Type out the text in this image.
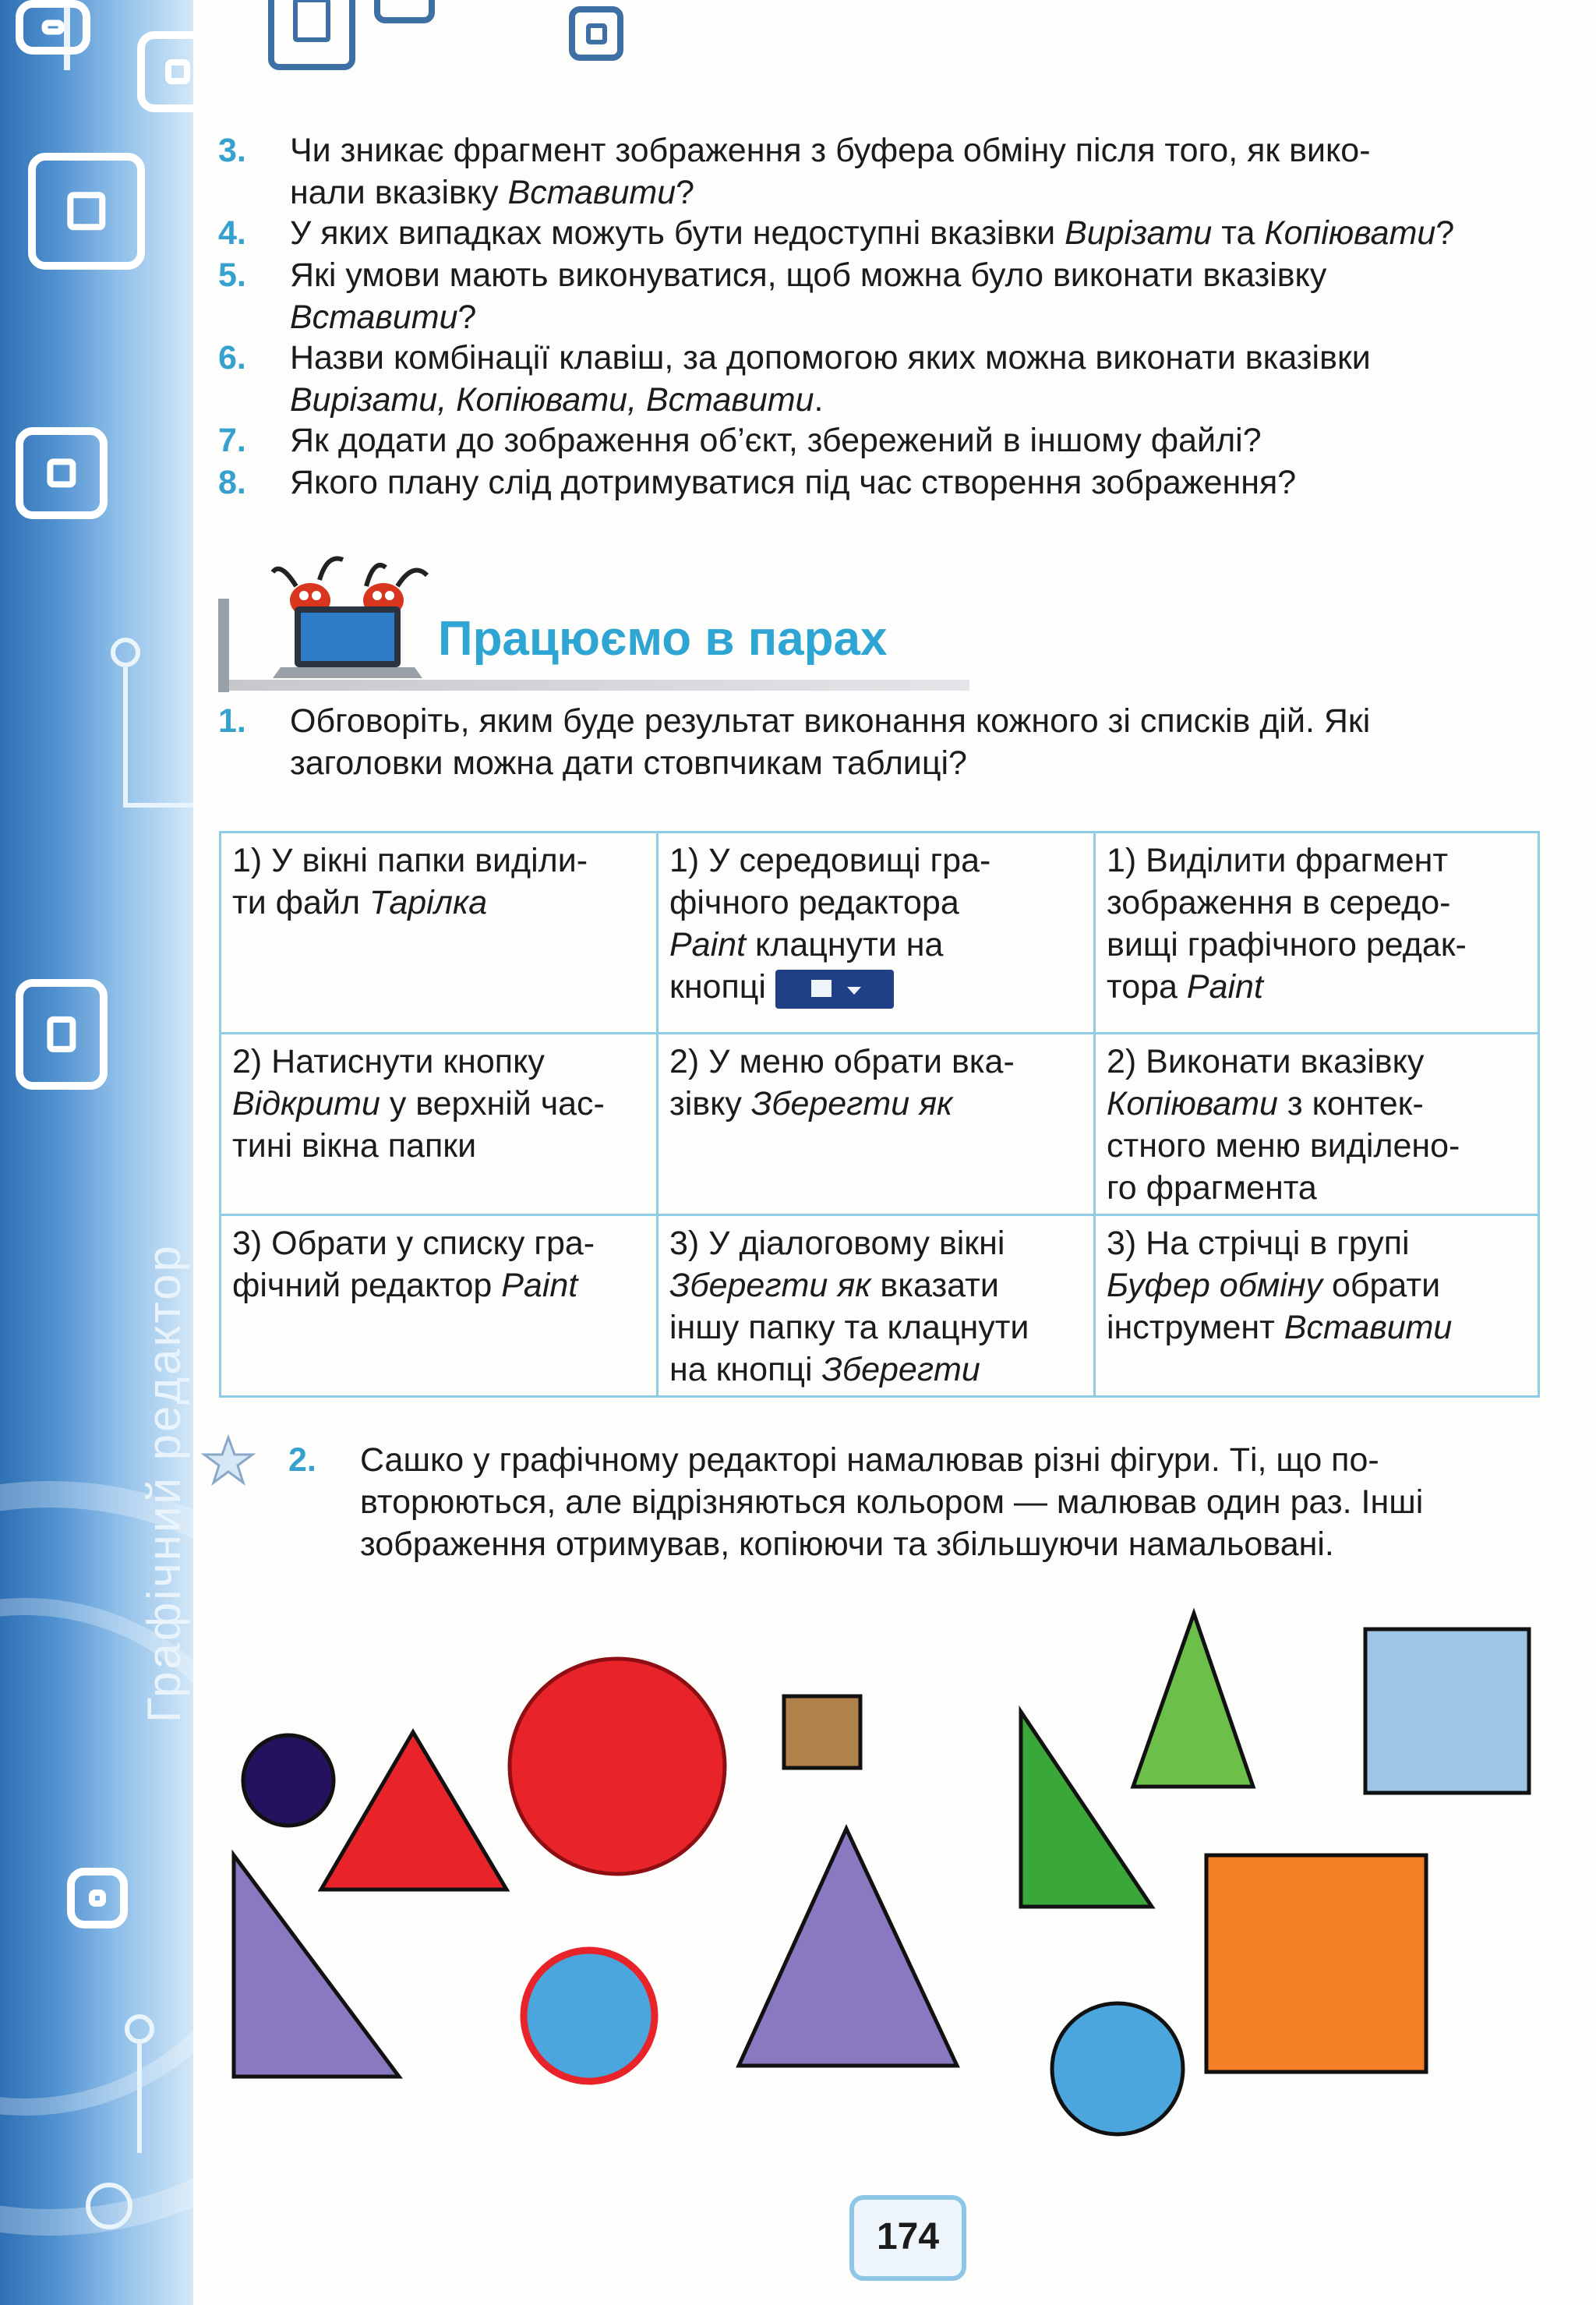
Графічний редактор
3. Чи зникає фрагмент зображення з буфера обміну після того, як вико-
нали вказівку Вставити?
4. У яких випадках можуть бути недоступні вказівки Вирізати та Копіювати?
5. Які умови мають виконуватися, щоб можна було виконати вказівку
Вставити?
6. Назви комбінації клавіш, за допомогою яких можна виконати вказівки
Вирізати, Копіювати, Вставити.
7. Як додати до зображення об’єкт, збережений в іншому файлі?
8. Якого плану слід дотримуватися під час створення зображення?
Працюємо в парах
1. Обговоріть, яким буде результат виконання кожного зі списків дій. Які
заголовки можна дати стовпчикам таблиці?
2. Сашко у графічному редакторі намалював різні фігури. Ті, що по-
вторюються, але відрізняються кольором — малював один раз. Інші
зображення отримував, копіюючи та збільшуючи намальовані.
1) У вікні папки виділи-
ти файл Тарілка	1) У середовищі гра-
фічного редактора
Paint клацнути на
кнопці	1) Виділити фрагмент
зображення в середо-
вищі графічного редак-
тора Paint
2) Натиснути кнопку
Відкрити у верхній час-
тині вікна папки	2) У меню обрати вка-
зівку Зберегти як	2) Виконати вказівку
Копіювати з контек-
стного меню виділено-
го фрагмента
3) Обрати у списку гра-
фічний редактор Paint	3) У діалоговому вікні
Зберегти як вказати
іншу папку та клацнути
на кнопці Зберегти	3) На стрічці в групі
Буфер обміну обрати
інструмент Вставити
174
